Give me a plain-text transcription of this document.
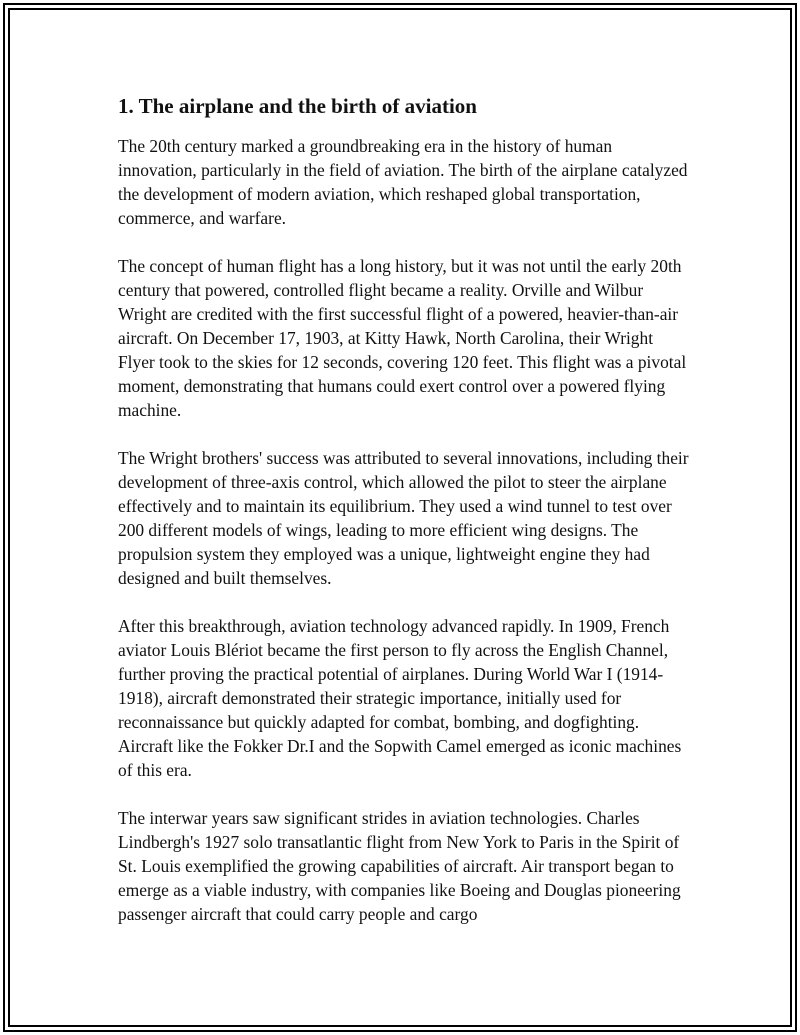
1. The airplane and the birth of aviation

The 20th century marked a groundbreaking era in the history of human innovation, particularly in the field of aviation. The birth of the airplane catalyzed the development of modern aviation, which reshaped global transportation, commerce, and warfare.

The concept of human flight has a long history, but it was not until the early 20th century that powered, controlled flight became a reality. Orville and Wilbur Wright are credited with the first successful flight of a powered, heavier-than-air aircraft. On December 17, 1903, at Kitty Hawk, North Carolina, their Wright Flyer took to the skies for 12 seconds, covering 120 feet. This flight was a pivotal moment, demonstrating that humans could exert control over a powered flying machine.

The Wright brothers' success was attributed to several innovations, including their development of three-axis control, which allowed the pilot to steer the airplane effectively and to maintain its equilibrium. They used a wind tunnel to test over 200 different models of wings, leading to more efficient wing designs. The propulsion system they employed was a unique, lightweight engine they had designed and built themselves.

After this breakthrough, aviation technology advanced rapidly. In 1909, French aviator Louis Blériot became the first person to fly across the English Channel, further proving the practical potential of airplanes. During World War I (1914-1918), aircraft demonstrated their strategic importance, initially used for reconnaissance but quickly adapted for combat, bombing, and dogfighting. Aircraft like the Fokker Dr.I and the Sopwith Camel emerged as iconic machines of this era.

The interwar years saw significant strides in aviation technologies. Charles Lindbergh's 1927 solo transatlantic flight from New York to Paris in the Spirit of St. Louis exemplified the growing capabilities of aircraft. Air transport began to emerge as a viable industry, with companies like Boeing and Douglas pioneering passenger aircraft that could carry people and cargo
